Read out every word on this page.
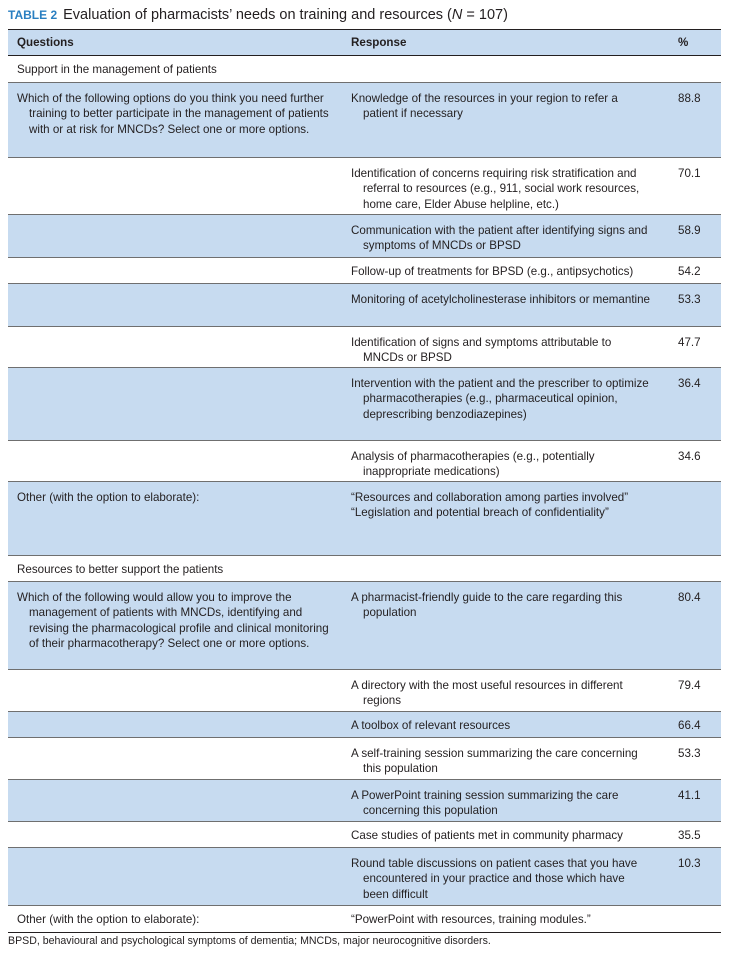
TABLE 2 Evaluation of pharmacists’ needs on training and resources (N = 107)
Questions	Response	%
Support in the management of patients		

Which of the following options do you think you need further training to better participate in the management of patients with or at risk for MNCDs? Select one or more options.	Knowledge of the resources in your region to refer a patient if necessary	88.8

	Identification of concerns requiring risk stratification and referral to resources (e.g., 911, social work resources, home care, Elder Abuse helpline, etc.)	70.1

	Communication with the patient after identifying signs and symptoms of MNCDs or BPSD	58.9

	Follow-up of treatments for BPSD (e.g., antipsychotics)	54.2

	Monitoring of acetylcholinesterase inhibitors or memantine	53.3

	Identification of signs and symptoms attributable to MNCDs or BPSD	47.7

	Intervention with the patient and the prescriber to optimize pharmacotherapies (e.g., pharmaceutical opinion, deprescribing benzodiazepines)	36.4

	Analysis of pharmacotherapies (e.g., potentially inappropriate medications)	34.6

Other (with the option to elaborate):	“Resources and collaboration among parties involved”
“Legislation and potential breach of confidentiality”	

Resources to better support the patients		

Which of the following would allow you to improve the management of patients with MNCDs, identifying and revising the pharmacological profile and clinical monitoring of their pharmacotherapy? Select one or more options.	A pharmacist-friendly guide to the care regarding this population	80.4

	A directory with the most useful resources in different regions	79.4

	A toolbox of relevant resources	66.4

	A self-training session summarizing the care concerning this population	53.3

	A PowerPoint training session summarizing the care concerning this population	41.1

	Case studies of patients met in community pharmacy	35.5

	Round table discussions on patient cases that you have encountered in your practice and those which have been difficult	10.3

Other (with the option to elaborate):	“PowerPoint with resources, training modules.”	

BPSD, behavioural and psychological symptoms of dementia; MNCDs, major neurocognitive disorders.
